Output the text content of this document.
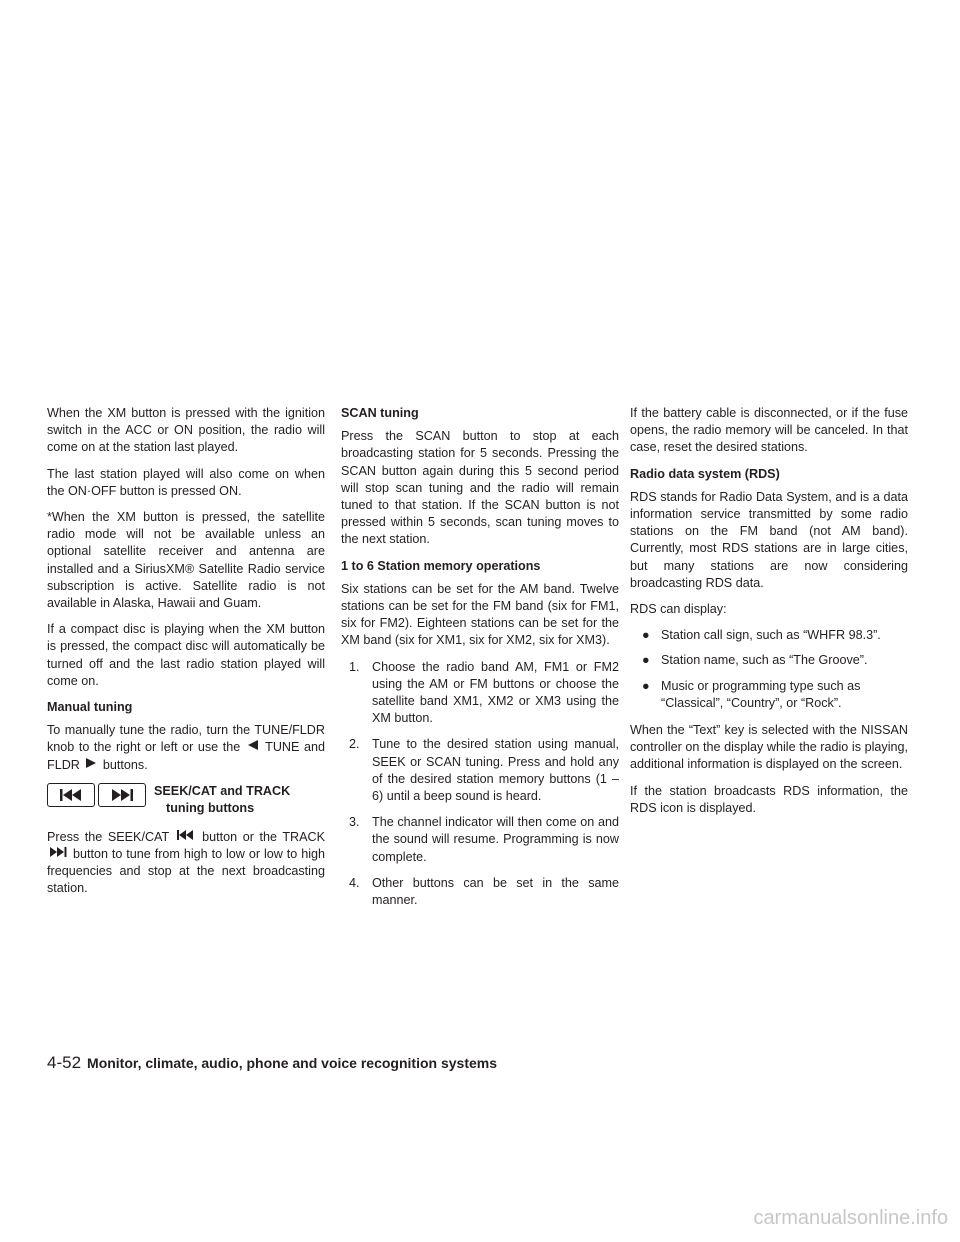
When the XM button is pressed with the ignition switch in the ACC or ON position, the radio will come on at the station last played.

The last station played will also come on when the ON·OFF button is pressed ON.

*When the XM button is pressed, the satellite radio mode will not be available unless an optional satellite receiver and antenna are installed and a SiriusXM® Satellite Radio service subscription is active. Satellite radio is not available in Alaska, Hawaii and Guam.

If a compact disc is playing when the XM button is pressed, the compact disc will automatically be turned off and the last radio station played will come on.

Manual tuning

To manually tune the radio, turn the TUNE/FLDR knob to the right or left or use the TUNE and FLDR buttons.

SEEK/CAT and TRACK
tuning buttons

Press the SEEK/CAT	button or the TRACK  button to tune from high to low or low to high frequencies and stop at the next broadcasting station.

SCAN tuning

Press the SCAN button to stop at each broadcasting station for 5 seconds. Pressing the SCAN button again during this 5 second period will stop scan tuning and the radio will remain tuned to that station. If the SCAN button is not pressed within 5 seconds, scan tuning moves to the next station.

1 to 6 Station memory operations

Six stations can be set for the AM band. Twelve stations can be set for the FM band (six for FM1, six for FM2). Eighteen stations can be set for the XM band (six for XM1, six for XM2, six for XM3).

1. Choose the radio band AM, FM1 or FM2 using the AM or FM buttons or choose the satellite band XM1, XM2 or XM3 using the XM button.
2. Tune to the desired station using manual, SEEK or SCAN tuning. Press and hold any of the desired station memory buttons (1 – 6) until a beep sound is heard.
3. The channel indicator will then come on and the sound will resume. Programming is now complete.
4. Other buttons can be set in the same manner.

If the battery cable is disconnected, or if the fuse opens, the radio memory will be canceled. In that case, reset the desired stations.

Radio data system (RDS)

RDS stands for Radio Data System, and is a data information service transmitted by some radio stations on the FM band (not AM band). Currently, most RDS stations are in large cities, but many stations are now considering broadcasting RDS data.

RDS can display:

● Station call sign, such as “WHFR 98.3”.
● Station name, such as “The Groove”.
● Music or programming type such as “Classical”, “Country”, or “Rock”.

When the “Text” key is selected with the NISSAN controller on the display while the radio is playing, additional information is displayed on the screen.

If the station broadcasts RDS information, the RDS icon is displayed.

4-52 Monitor, climate, audio, phone and voice recognition systems
carmanualsonline.info
